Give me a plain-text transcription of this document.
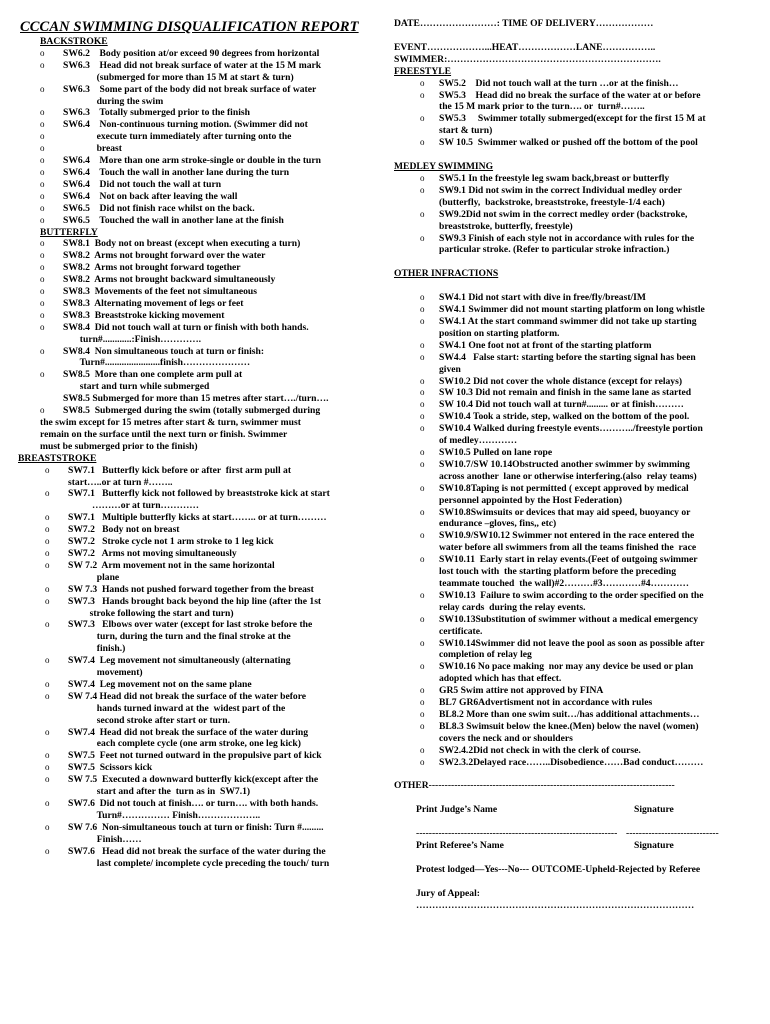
CCCAN SWIMMING DISQUALIFICATION REPORT
BACKSTROKE
o SW6.2    Body position at/or exceed 90 degrees from horizontal
o SW6.3    Head did not break surface of water at the 15 M mark
(submerged for more than 15 M at start & turn)
o SW6.3    Some part of the body did not break surface of water
during the swim
o SW6.3    Totally submerged prior to the finish
o SW6.4    Non-continuous turning motion. (Swimmer did not
o execute turn immediately after turning onto the
o breast
o SW6.4    More than one arm stroke-single or double in the turn
o SW6.4    Touch the wall in another lane during the turn
o SW6.4    Did not touch the wall at turn
o SW6.4    Not on back after leaving the wall
o SW6.5    Did not finish race whilst on the back.
o SW6.5    Touched the wall in another lane at the finish
BUTTERFLY
o SW8.1  Body not on breast (except when executing a turn)
o SW8.2  Arms not brought forward over the water
o SW8.2  Arms not brought forward together
o SW8.2  Arms not brought backward simultaneously
o SW8.3  Movements of the feet not simultaneous
o SW8.3  Alternating movement of legs or feet
o SW8.3  Breaststroke kicking movement
o SW8.4  Did not touch wall at turn or finish with both hands.
turn#............:Finish………….
o SW8.4  Non simultaneous touch at turn or finish:
Turn#.......................finish…………………
o SW8.5  More than one complete arm pull at
start and turn while submerged
SW8.5 Submerged for more than 15 metres after start…./turn….
o SW8.5  Submerged during the swim (totally submerged during
the swim except for 15 metres after start & turn, swimmer must
remain on the surface until the next turn or finish. Swimmer
must be submerged prior to the finish)
BREASTSTROKE
o SW7.1   Butterfly kick before or after  first arm pull at
start…..or at turn #……..
o SW7.1   Butterfly kick not followed by breaststroke kick at start
………or at turn…………
o SW7.1   Multiple butterfly kicks at start…….. or at turn………
o SW7.2   Body not on breast
o SW7.2   Stroke cycle not 1 arm stroke to 1 leg kick
o SW7.2   Arms not moving simultaneously
o SW 7.2  Arm movement not in the same horizontal
plane
o SW 7.3  Hands not pushed forward together from the breast
o SW7.3   Hands brought back beyond the hip line (after the 1st
stroke following the start and turn)
o SW7.3   Elbows over water (except for last stroke before the
turn, during the turn and the final stroke at the
finish.)
o SW7.4  Leg movement not simultaneously (alternating
movement)
o SW7.4  Leg movement not on the same plane
o SW 7.4 Head did not break the surface of the water before
hands turned inward at the  widest part of the
second stroke after start or turn.
o SW7.4  Head did not break the surface of the water during
each complete cycle (one arm stroke, one leg kick)
o SW7.5  Feet not turned outward in the propulsive part of kick
o SW7.5  Scissors kick
o SW 7.5  Executed a downward butterfly kick(except after the
start and after the  turn as in  SW7.1)
o SW7.6  Did not touch at finish…. or turn…. with both hands.
Turn#…………… Finish………………..
o SW 7.6  Non-simultaneous touch at turn or finish: Turn #.........
Finish……
o SW7.6   Head did not break the surface of the water during the
last complete/ incomplete cycle preceding the touch/ turn
DATE……………………: TIME OF DELIVERY………………
EVENT………………...HEAT………………LANE……………..
SWIMMER:………………………………………………………….
FREESTYLE
o SW5.2    Did not touch wall at the turn …or at the finish…
o SW5.3    Head did no break the surface of the water at or before
the 15 M mark prior to the turn…. or  turn#……..
o SW5.3     Swimmer totally submerged(except for the first 15 M at
start & turn)
o SW 10.5  Swimmer walked or pushed off the bottom of the pool
MEDLEY SWIMMING
o SW5.1 In the freestyle leg swam back,breast or butterfly
o SW9.1 Did not swim in the correct Individual medley order
(butterfly,  backstroke, breaststroke, freestyle-1/4 each)
o SW9.2Did not swim in the correct medley order (backstroke,
breaststroke, butterfly, freestyle)
o SW9.3 Finish of each style not in accordance with rules for the
particular stroke. (Refer to particular stroke infraction.)
OTHER INFRACTIONS
o SW4.1 Did not start with dive in free/fly/breast/IM
o SW4.1 Swimmer did not mount starting platform on long whistle
o SW4.1 At the start command swimmer did not take up starting
position on starting platform.
o SW4.1 One foot not at front of the starting platform
o SW4.4   False start: starting before the starting signal has been
given
o SW10.2 Did not cover the whole distance (except for relays)
o SW 10.3 Did not remain and finish in the same lane as started
o SW 10.4 Did not touch wall at turn#......... or at finish………
o SW10.4 Took a stride, step, walked on the bottom of the pool.
o SW10.4 Walked during freestyle events………../freestyle portion
of medley…………
o SW10.5 Pulled on lane rope
o SW10.7/SW 10.14Obstructed another swimmer by swimming
across another  lane or otherwise interfering.(also  relay teams)
o SW10.8Taping is not permitted ( except approved by medical
personnel appointed by the Host Federation)
o SW10.8Swimsuits or devices that may aid speed, buoyancy or
endurance –gloves, fins,, etc)
o SW10.9/SW10.12 Swimmer not entered in the race entered the
water before all swimmers from all the teams finished the  race
o SW10.11  Early start in relay events.(Feet of outgoing swimmer
lost touch with  the starting platform before the preceding
teammate touched  the wall)#2………#3…………#4…………
o SW10.13  Failure to swim according to the order specified on the
relay cards  during the relay events.
o SW10.13Substitution of swimmer without a medical emergency
certificate.
o SW10.14Swimmer did not leave the pool as soon as possible after
completion of relay leg
o SW10.16 No pace making  nor may any device be used or plan
adopted which has that effect.
o GR5 Swim attire not approved by FINA
o BL7 GR6Advertisment not in accordance with rules
o BL8.2 More than one swim suit…/has additional attachments…
o BL8.3 Swimsuit below the knee.(Men) below the navel (women)
covers the neck and or shoulders
o SW2.4.2Did not check in with the clerk of course.
o SW2.3.2Delayed race……..Disobedience……Bad conduct………
OTHER-----------------------------------------------------------------------------
Print Judge’s Name	Signature
--------------------------------------------------------------- -----------------------------
Print Referee’s Name	Signature
Protest lodged—Yes---No--- OUTCOME-Upheld-Rejected by Referee
Jury of Appeal:
……………………………………………………………………………
